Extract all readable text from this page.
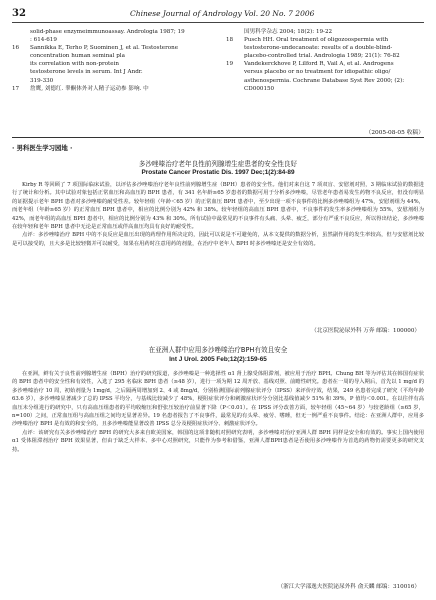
32	Chinese Journal of Andrology Vol. 20 No. 7 2006
solid-phase enzymeimmunoassay. Andrologia 1987; 19
: 614-619
16	Sannikka E, Terho P, Suominen J, et al. Testosterone
concentration human seminal pla
its correlation with non-protein
testosterone levels in serum. Int J Andr.
319-330
17	詹鹰, 刘德红. 睾酮体外对人精子运动参 影响. 中
国男科学杂志 2004; 18(2): 19-22
18	Pusch HH. Oral treatment of oligozoospermia with
testosterone-undecanoate: results of a double-blind-
placebo-controlled trial. Andrologia 1989; 21(1): 76-82
19	Vandekerckhove P, Lilford R, Vail A, et al. Androgens
versus placebo or no treatment for idiopathic oligo/
asthenospermia. Cochrane Database Syst Rev 2000; (2):
CD000150
（2005-08-05 收稿）
· 男科医生学习园地 ·
多沙唑嗪治疗老年良性前列腺增生症患者的安全性良好
Prostate Cancer Prostatic Dis. 1997 Dec;1(2):84-89

Kirby R 等回顾了 7 项国际临床试验，以评估多沙唑嗪治疗老年良性前列腺增生症（BPH）患者的安全性。他们对来自这 7 项双盲、安慰剂对照，3 期临床试验的数据进行了统计和分析。其中试验对象包括正常血压和高血压的 BPH 患者，有 341 名年龄≥65 岁患者的数据可用于分析多沙唑嗪，尽管老年患者易发生药物不良反应，但没有明显的证据提示老年 BPH 患者对多沙唑嗪的耐受性差。较年轻组（年龄＜65 岁）的正常血压 BPH 患者中，至少出现一项不良事件的比例多沙唑嗪组为 47%，安慰剂组为 44%，而老年组（年龄≥65 岁）的正常血压 BPH 患者中，相应的比例分别为 42% 和 38%。较年轻组的高血压 BPH 患者中，不良事件的发生率多沙唑嗪组为 55%，安慰剂组为 42%，而老年组的高血压 BPH 患者中，相应的比例分别为 43% 和 30%。所有试验中最常见的不良事件有头痛、头晕、疲乏，部分有严重不良反应，所以得出结论，多沙唑嗪在较年轻和老年 BPH 患者中无论是正常血压或伴高血压均具有良好的耐受性。

点评：多沙唑嗪治疗 BPH 中的不良反应是血压出现的药理作用所决定的，因此可以说是不可避免的，从本文提供的数据分析，虽然副作用的发生率较高，但与安慰剂比较是可以接受的，且大多是比较轻微并可以耐受，如果在用药时注意用药的剂量，在治疗中老年人 BPH 时多沙唑嗪还是安全有效的。

（北京医院泌尿外科 万奔 邮编：100000）
在亚洲人群中应用多沙唑嗪治疗BPH有效且安全
Int J Urol. 2005 Feb;12(2):159-65

在亚洲，鲜有关于良性前列腺增生症（BPH）治疗的研究报道，多沙唑嗪是一种选择性 α1 肾上腺受体阻滞剂，被应用于治疗 BPH。Chung BH 等为评估其在韩国有症状的 BPH 患者中的安全性和有效性，入选了 295 名临床 BPH 患者（≥48 岁），进行一项为期 12 周开放、基线对照、前瞻性研究。患者在一周的导入期后，首先以 1 mg/d 的多沙唑嗪治疗 10 周，初始剂量为 1mg/d，之后隔两周增加到 2、4 或 8mg/d，分别检测国际前列腺症状评分（IPSS）来评价疗效，结果，249 名患者完成了研究（平均年龄 63.6 岁），多沙唑嗪显著减少了总的 IPSS 平均分，与基线比较减少了 48%，梗阻症状评分和刺激症状评分分别比基线值减少 51% 和 39%，P 值均＜0.001。在以往伴有高血压未分组进行的研究中，只有高血压组患者的平均收缩压和舒张压较治疗前显著下降（P＜0.01）。在 IPSS 评分改善方面，较年轻组（45~64 岁）与较老龄组（≥65 岁，n=100）之间，正常血压组与高血压组之间均无显著差异。19 名患者报告了不良事件，最常见的有头晕、疲劳、嗜睡，但无一例严重不良事件。结论：在亚洲人群中，应用多沙唑嗪治疗 BPH 是有效的和安全的，且多沙唑嗪能显著改善 IPSS 总分及梗阻症状评分、刺激症状评分。

点评：该研究有关多沙唑嗪治疗 BPH 的研究大多来自欧美国家，韩国的这项非随机对照研究表明，多沙唑嗪对治疗亚洲人群 BPH 同样是安全和有效的。事实上国内使用 α1 受体阻滞剂治疗 BPH 效果显著，但由于缺乏大样本、多中心对照研究，只能作为参考和借鉴，亚洲人群BPH患者是否使用多沙唑嗪作为首选的药物仍需要更多的研究支持。

（浙江大学邵逸夫医院泌尿外科 俞天麟 邮编：310016）
